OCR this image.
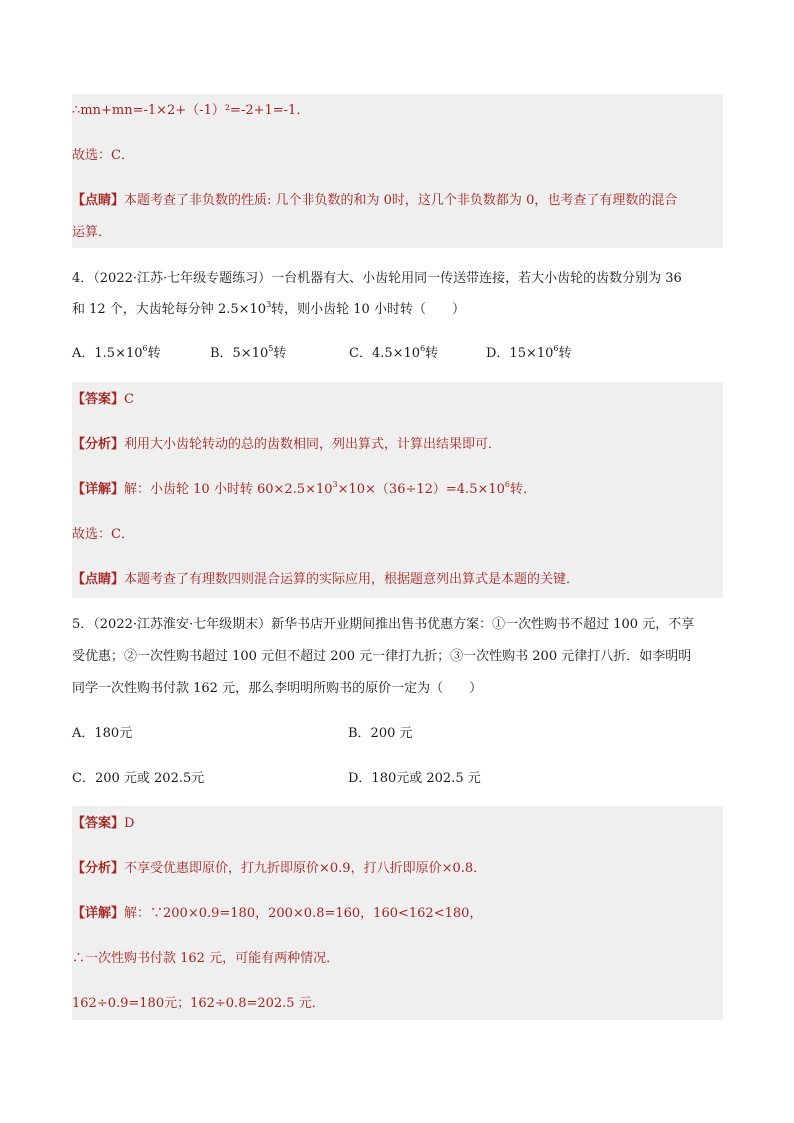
∴mn+mn=-1×2+（-1）²=-2+1=-1．
故选：C．
【点睛】本题考查了非负数的性质: 几个非负数的和为 0时，这几个非负数都为 0，也考查了有理数的混合
运算．
4．（2022·江苏·七年级专题练习）一台机器有大、小齿轮用同一传送带连接，若大小齿轮的齿数分别为 36
和 12 个，大齿轮每分钟 $2.5\times 10^3$转，则小齿轮 10 小时转（　　）
A．$1.5\times 10^6$转	B．$5\times 10^5$转	C．$4.5\times 10^6$转	D．$15\times 10^6$转
【答案】C
【分析】利用大小齿轮转动的总的齿数相同，列出算式，计算出结果即可．
【详解】解：小齿轮 10 小时转 $60\times 2.5\times 10^3\times 10\times(36\div 12)=4.5\times 10^6$转．
故选：C．
【点睛】本题考查了有理数四则混合运算的实际应用，根据题意列出算式是本题的关键．
5．（2022·江苏淮安·七年级期末）新华书店开业期间推出售书优惠方案：①一次性购书不超过 100 元，不享
受优惠；②一次性购书超过 100 元但不超过 200 元一律打九折；③一次性购书 200 元律打八折．如李明明
同学一次性购书付款 162 元，那么李明明所购书的原价一定为（　　）
A．180元	B．200 元
C．200 元或 202.5元	D．180元或 202.5 元
【答案】D
【分析】不享受优惠即原价，打九折即原价×0.9，打八折即原价×0.8．
【详解】解：∵200×0.9=180，200×0.8=160，160<162<180，
∴一次性购书付款 162 元，可能有两种情况．
162÷0.9=180元；162÷0.8=202.5 元．
